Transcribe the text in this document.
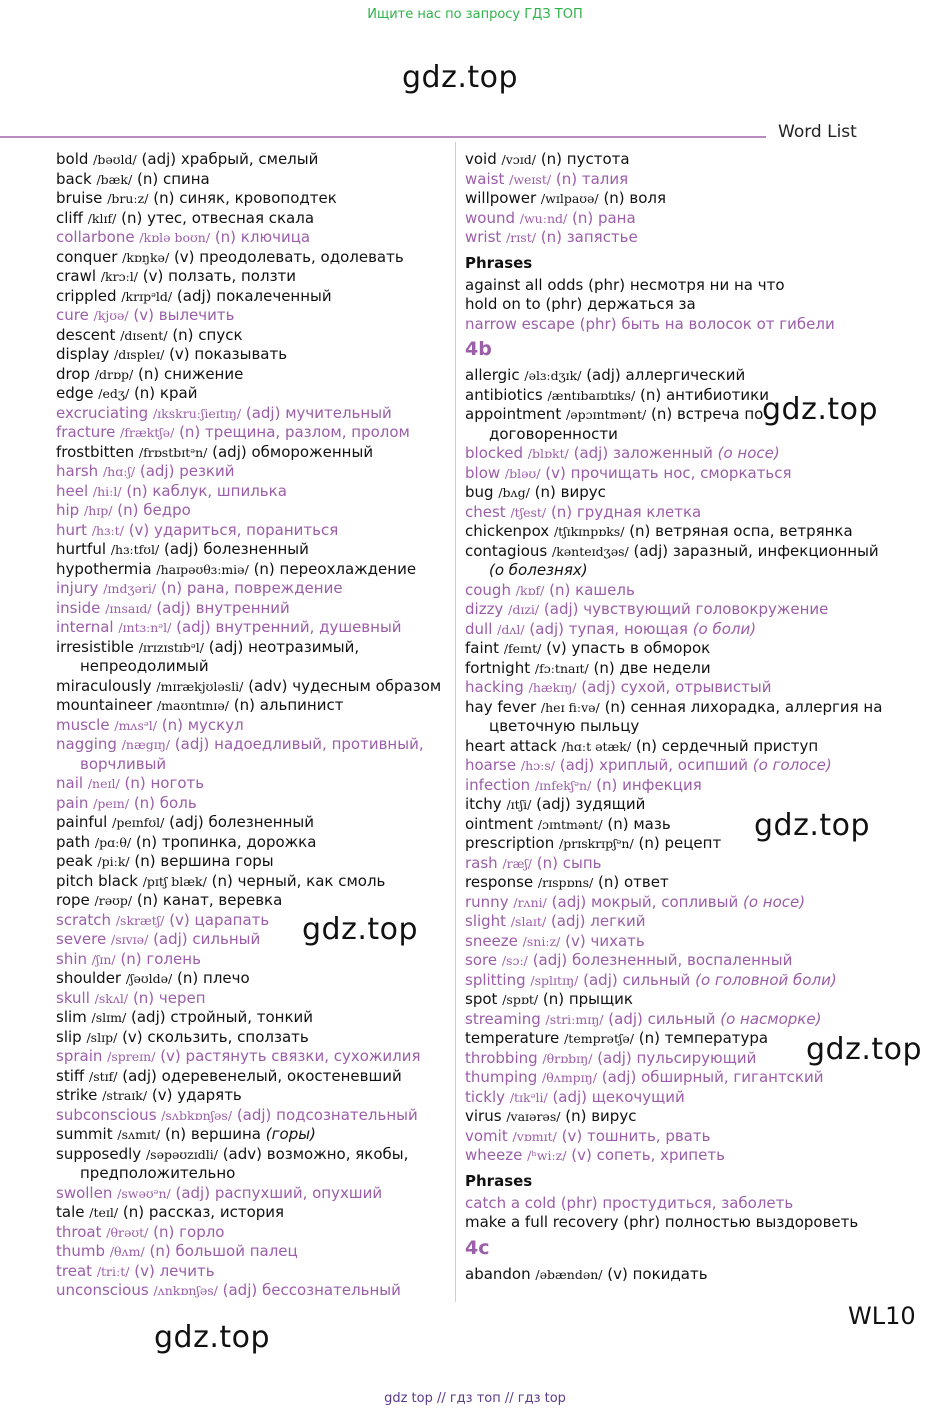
Ищите нас по запросу ГДЗ ТОП
gdz.top
gdz.top
gdz.top
gdz.top
gdz.top
gdz.top
Word List
bold /bəʊld/ (adj) храбрый, смелый
back /bæk/ (n) спина
bruise /bruːz/ (n) синяк, кровоподтек
cliff /klɪf/ (n) утес, отвесная скала
collarbone /kɒlə boʊn/ (n) ключица
conquer /kɒŋkə/ (v) преодолевать, одолевать
crawl /krɔːl/ (v) ползать, ползти
crippled /krɪpᵊld/ (adj) покалеченный
cure /kjʊə/ (v) вылечить
descent /dɪsent/ (n) спуск
display /dɪspleɪ/ (v) показывать
drop /drɒp/ (n) снижение
edge /edʒ/ (n) край
excruciating /ɪkskruːʃieɪtɪŋ/ (adj) мучительный
fracture /fræktʃə/ (n) трещина, разлом, пролом
frostbitten /frɒstbɪtᵊn/ (adj) обмороженный
harsh /hɑːʃ/ (adj) резкий
heel /hiːl/ (n) каблук, шпилька
hip /hɪp/ (n) бедро
hurt /hɜːt/ (v) удариться, пораниться
hurtful /hɜːtfʊl/ (adj) болезненный
hypothermia /haɪpəʊθɜːmiə/ (n) переохлаждение
injury /ɪndʒəri/ (n) рана, повреждение
inside /ɪnsaɪd/ (adj) внутренний
internal /ɪntɜːnᵊl/ (adj) внутренний, душевный
irresistible /ɪrɪzɪstɪbᵊl/ (adj) неотразимый,
непреодолимый
miraculously /mɪrækjʊləsli/ (adv) чудесным образом
mountaineer /maʊntɪnɪə/ (n) альпинист
muscle /mʌsᵊl/ (n) мускул
nagging /nægɪŋ/ (adj) надоедливый, противный,
ворчливый
nail /neɪl/ (n) ноготь
pain /peɪn/ (n) боль
painful /peɪnfʊl/ (adj) болезненный
path /pɑːθ/ (n) тропинка, дорожка
peak /piːk/ (n) вершина горы
pitch black /pɪtʃ blæk/ (n) черный, как смоль
rope /rəʊp/ (n) канат, веревка
scratch /skrætʃ/ (v) царапать
severe /sɪvɪə/ (adj) сильный
shin /ʃɪn/ (n) голень
shoulder /ʃəʊldə/ (n) плечо
skull /skʌl/ (n) череп
slim /slɪm/ (adj) стройный, тонкий
slip /slɪp/ (v) скользить, сползать
sprain /spreɪn/ (v) растянуть связки, сухожилия
stiff /stɪf/ (adj) одеревенелый, окостеневший
strike /straɪk/ (v) ударять
subconscious /sʌbkɒnʃəs/ (adj) подсознательный
summit /sʌmɪt/ (n) вершина (горы)
supposedly /səpəʊzɪdli/ (adv) возможно, якобы,
предположительно
swollen /swəʊᵊn/ (adj) распухший, опухший
tale /teɪl/ (n) рассказ, история
throat /θrəʊt/ (n) горло
thumb /θʌm/ (n) большой палец
treat /triːt/ (v) лечить
unconscious /ʌnkɒnʃəs/ (adj) бессознательный
void /vɔɪd/ (n) пустота
waist /weɪst/ (n) талия
willpower /wɪlpaʊə/ (n) воля
wound /wuːnd/ (n) рана
wrist /rɪst/ (n) запястье
Phrases
against all odds (phr) несмотря ни на что
hold on to (phr) держаться за
narrow escape (phr) быть на волосок от гибели
4b
allergic /əlɜːdʒɪk/ (adj) аллергический
antibiotics /æntɪbaɪɒtɪks/ (n) антибиотики
appointment /əpɔɪntmənt/ (n) встреча по
договоренности
blocked /blɒkt/ (adj) заложенный (о носе)
blow /bləʊ/ (v) прочищать нос, сморкаться
bug /bʌg/ (n) вирус
chest /tʃest/ (n) грудная клетка
chickenpox /tʃɪkɪnpɒks/ (n) ветряная оспа, ветрянка
contagious /kənteɪdʒəs/ (adj) заразный, инфекционный
(о болезнях)
cough /kɒf/ (n) кашель
dizzy /dɪzi/ (adj) чувствующий головокружение
dull /dʌl/ (adj) тупая, ноющая (о боли)
faint /feɪnt/ (v) упасть в обморок
fortnight /fɔːtnaɪt/ (n) две недели
hacking /hækɪŋ/ (adj) сухой, отрывистый
hay fever /heɪ fiːvə/ (n) сенная лихорадка, аллергия на
цветочную пыльцу
heart attack /hɑːt ətæk/ (n) сердечный приступ
hoarse /hɔːs/ (adj) хриплый, осипший (о голосе)
infection /ɪnfekʃᵊn/ (n) инфекция
itchy /ɪtʃi/ (adj) зудящий
ointment /ɔɪntmənt/ (n) мазь
prescription /prɪskrɪpʃᵊn/ (n) рецепт
rash /ræʃ/ (n) сыпь
response /rɪspɒns/ (n) ответ
runny /rʌni/ (adj) мокрый, сопливый (о носе)
slight /slaɪt/ (adj) легкий
sneeze /sniːz/ (v) чихать
sore /sɔː/ (adj) болезненный, воспаленный
splitting /splɪtɪŋ/ (adj) сильный (о головной боли)
spot /spɒt/ (n) прыщик
streaming /striːmɪŋ/ (adj) сильный (о насморке)
temperature /temprətʃə/ (n) температура
throbbing /θrɒbɪŋ/ (adj) пульсирующий
thumping /θʌmpɪŋ/ (adj) обширный, гигантский
tickly /tɪkᵊli/ (adj) щекочущий
virus /vaɪərəs/ (n) вирус
vomit /vɒmɪt/ (v) тошнить, рвать
wheeze /ʰwiːz/ (v) сопеть, хрипеть
Phrases
catch a cold (phr) простудиться, заболеть
make a full recovery (phr) полностью выздороветь
4c
abandon /əbændən/ (v) покидать
WL10
gdz top // гдз топ // гдз top
